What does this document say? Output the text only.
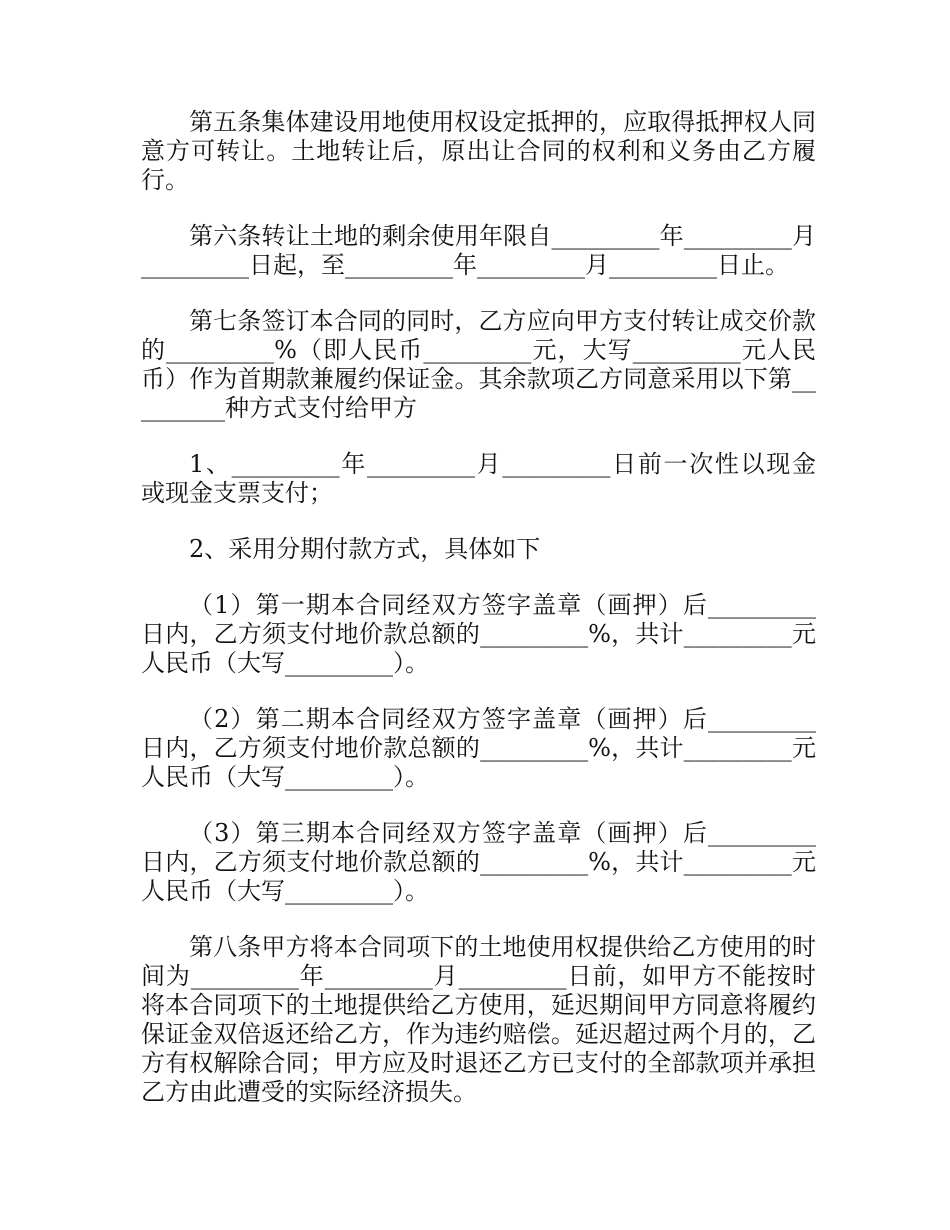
第五条集体建设用地使用权设定抵押的，应取得抵押权人同意方可转让。土地转让后，原出让合同的权利和义务由乙方履行。

第六条转让土地的剩余使用年限自_________年_________月_________日起，至_________年_________月_________日止。

第七条签订本合同的同时，乙方应向甲方支付转让成交价款的_________%（即人民币_________元，大写_________元人民币）作为首期款兼履约保证金。其余款项乙方同意采用以下第_________种方式支付给甲方

1、_________年_________月_________日前一次性以现金或现金支票支付；

2、采用分期付款方式，具体如下

（1）第一期本合同经双方签字盖章（画押）后_________日内，乙方须支付地价款总额的_________%，共计_________元人民币（大写_________）。

（2）第二期本合同经双方签字盖章（画押）后_________日内，乙方须支付地价款总额的_________%，共计_________元人民币（大写_________）。

（3）第三期本合同经双方签字盖章（画押）后_________日内，乙方须支付地价款总额的_________%，共计_________元人民币（大写_________）。

第八条甲方将本合同项下的土地使用权提供给乙方使用的时间为_________年_________月_________日前，如甲方不能按时将本合同项下的土地提供给乙方使用，延迟期间甲方同意将履约保证金双倍返还给乙方，作为违约赔偿。延迟超过两个月的，乙方有权解除合同；甲方应及时退还乙方已支付的全部款项并承担乙方由此遭受的实际经济损失。
